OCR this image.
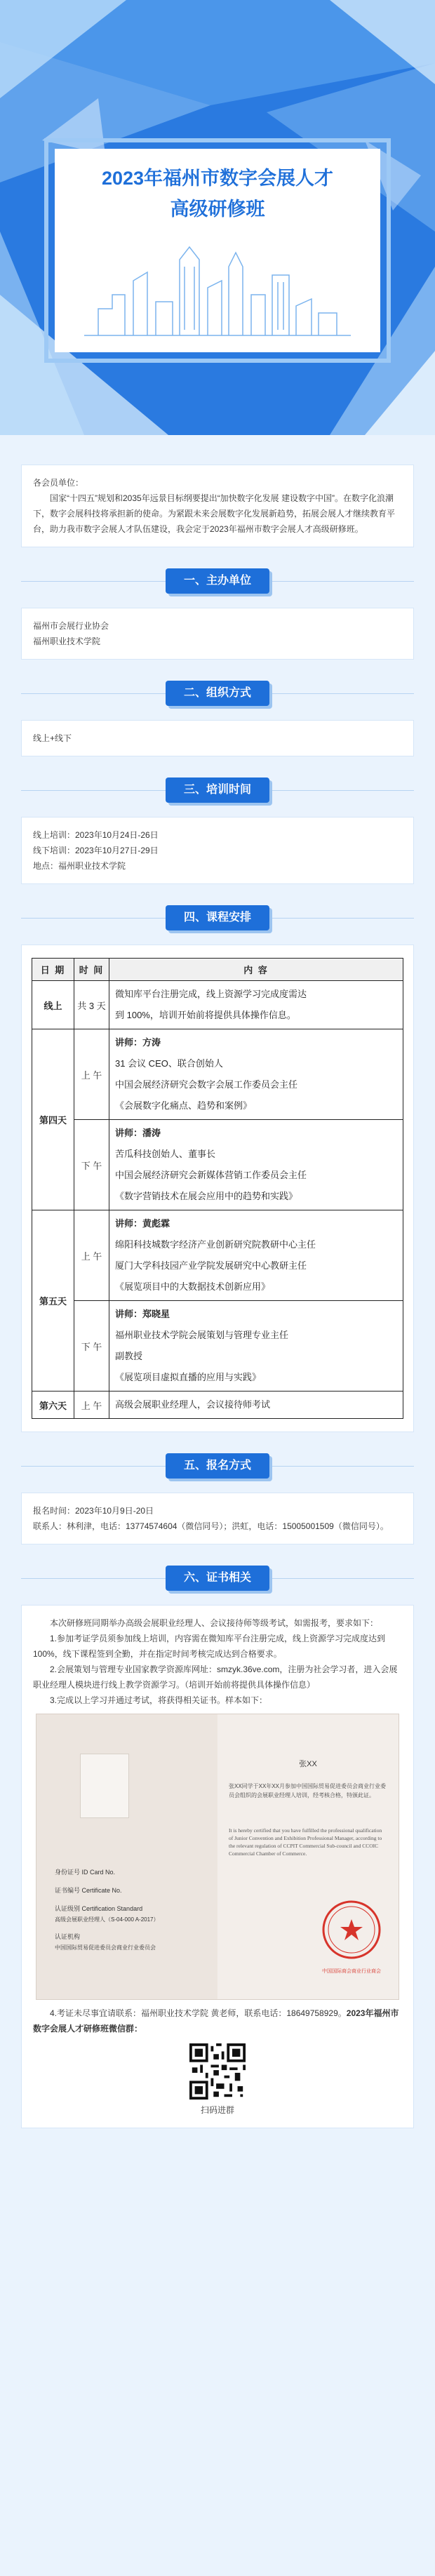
2023年福州市数字会展人才
高级研修班
各会员单位：

国家“十四五”规划和2035年远景目标纲要提出“加快数字化发展 建设数字中国”。在数字化浪潮下，数字会展科技将承担新的使命。为紧跟未来会展数字化发展新趋势，拓展会展人才继续教育平台，助力我市数字会展人才队伍建设，我会定于2023年福州市数字会展人才高级研修班。

一、主办单位
福州市会展行业协会
福州职业技术学院
二、组织方式
线上+线下
三、培训时间
线上培训：2023年10月24日-26日
线下培训：2023年10月27日-29日
地点：福州职业技术学院
四、课程安排
日 期	时 间	内 容
线上	共 3 天	微知库平台注册完成，线上资源学习完成度需达
到 100%，培训开始前将提供具体操作信息。

第四天	上 午	讲师：方涛
31 会议 CEO、联合创始人
中国会展经济研究会数字会展工作委员会主任
《会展数字化痛点、趋势和案例》

	下 午	讲师：潘涛
苦瓜科技创始人、董事长
中国会展经济研究会新媒体营销工作委员会主任
《数字营销技术在展会应用中的趋势和实践》

第五天	上 午	讲师：黄彪霖
绵阳科技城数字经济产业创新研究院教研中心主任
厦门大学科技园产业学院发展研究中心教研主任
《展览项目中的大数据技术创新应用》

	下 午	讲师：郑晓星
福州职业技术学院会展策划与管理专业主任
副教授
《展览项目虚拟直播的应用与实践》

第六天	上 午	高级会展职业经理人，会议接待师考试
五、报名方式
报名时间：2023年10月9日-20日
联系人：林利津，电话：13774574604（微信同号）；洪虹，电话：15005001509（微信同号）。
六、证书相关

本次研修班同期举办高级会展职业经理人、会议接待师等级考试，如需报考，要求如下：

1.参加考证学员须参加线上培训，内容需在微知库平台注册完成，线上资源学习完成度达到100%，线下课程签到全勤，并在指定时间考核完成达到合格要求。

2.会展策划与管理专业国家教学资源库网址：smzyk.36ve.com，注册为社会学习者，进入会展职业经理人模块进行线上教学资源学习。（培训开始前将提供具体操作信息）

3.完成以上学习并通过考试，将获得相关证书。样本如下：

身份证号 ID Card No.
证书编号 Certificate No.
认证级别 Certification Standard
高级会展职业经理人（S-04-000 A-2017）
认证机构
中国国际贸易促进委员会商业行业委员会
张XX
张XX同学于XX年XX月参加中国国际贸易促进委员会商业行业委员会组织的会展职业经理人培训，经考核合格，特颁此证。
It is hereby certified that you have fulfilled the professional qualification of Junior Convention and Exhibition Professional Manager, according to the relevant regulation of CCPIT Commercial Sub-council and CCOIC Commercial Chamber of Commerce.
中国国际商会商业行业商会

4.考证未尽事宜请联系：福州职业技术学院 黄老师，联系电话：18649758929。2023年福州市数字会展人才研修班微信群：

扫码进群
